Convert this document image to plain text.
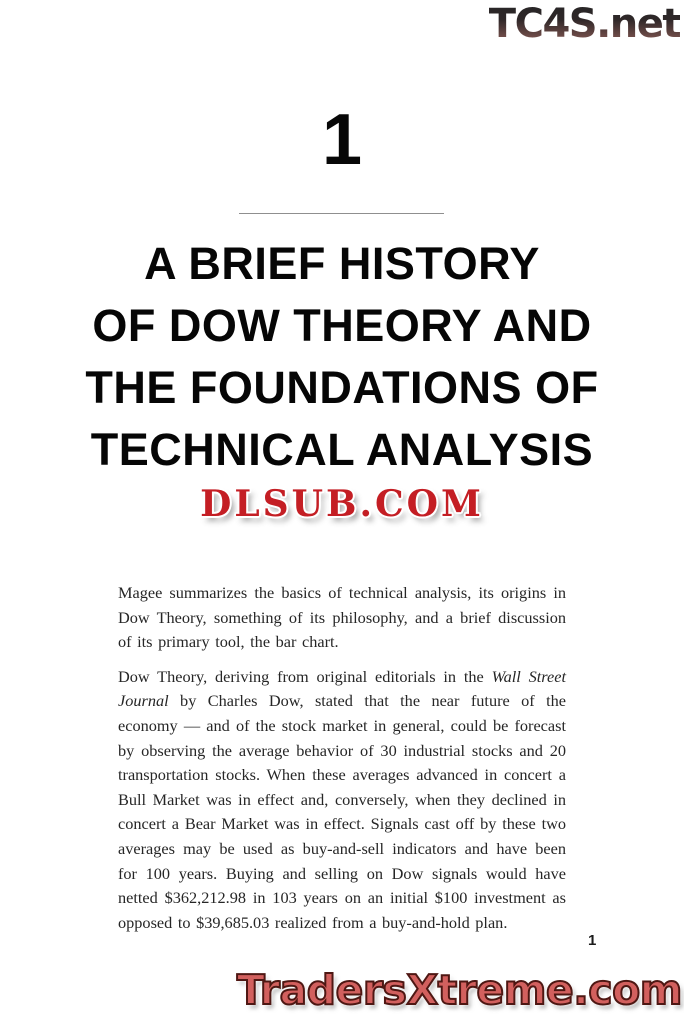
TC4S.net
1
A BRIEF HISTORY
OF DOW THEORY AND
THE FOUNDATIONS OF
TECHNICAL ANALYSIS
DLSUB.COM

Magee summarizes the basics of technical analysis, its origins in Dow Theory, something of its philosophy, and a brief discussion of its primary tool, the bar chart.

Dow Theory, deriving from original editorials in the Wall Street Journal by Charles Dow, stated that the near future of the economy — and of the stock market in general, could be forecast by observing the average behavior of 30 industrial stocks and 20 transportation stocks. When these averages advanced in concert a Bull Market was in effect and, conversely, when they declined in concert a Bear Market was in effect. Signals cast off by these two averages may be used as buy-and-sell indicators and have been for 100 years. Buying and selling on Dow signals would have netted $362,212.98 in 103 years on an initial $100 investment as opposed to $39,685.03 realized from a buy-and-hold plan.

1
TradersXtreme.com
